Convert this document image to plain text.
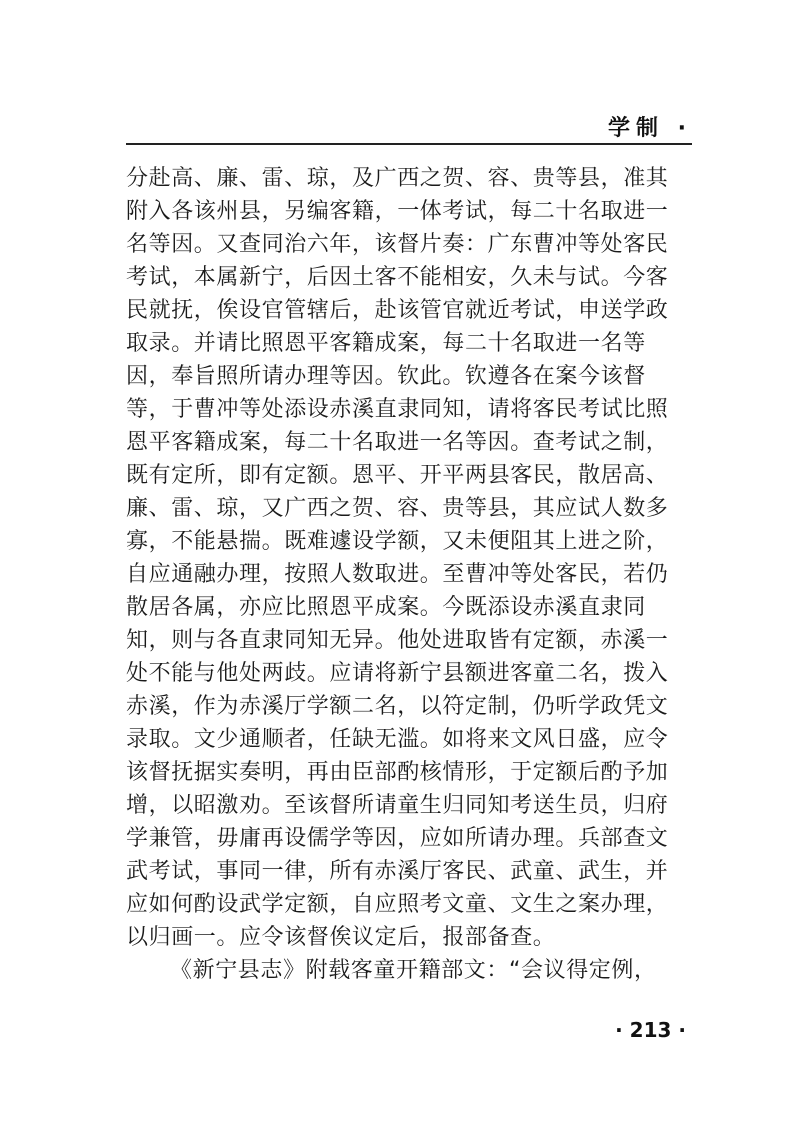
学制 ·
分赴高、廉、雷、琼，及广西之贺、容、贵等县，准其
附入各该州县，另编客籍，一体考试，每二十名取进一
名等因。又查同治六年，该督片奏：广东曹冲等处客民
考试，本属新宁，后因土客不能相安，久未与试。今客
民就抚，俟设官管辖后，赴该管官就近考试，申送学政
取录。并请比照恩平客籍成案，每二十名取进一名等
因，奉旨照所请办理等因。钦此。钦遵各在案今该督
等，于曹冲等处添设赤溪直隶同知，请将客民考试比照
恩平客籍成案，每二十名取进一名等因。查考试之制，
既有定所，即有定额。恩平、开平两县客民，散居高、
廉、雷、琼，又广西之贺、容、贵等县，其应试人数多
寡，不能悬揣。既难遽设学额，又未便阻其上进之阶，
自应通融办理，按照人数取进。至曹冲等处客民，若仍
散居各属，亦应比照恩平成案。今既添设赤溪直隶同
知，则与各直隶同知无异。他处进取皆有定额，赤溪一
处不能与他处两歧。应请将新宁县额进客童二名，拨入
赤溪，作为赤溪厅学额二名，以符定制，仍听学政凭文
录取。文少通顺者，任缺无滥。如将来文风日盛，应令
该督抚据实奏明，再由臣部酌核情形，于定额后酌予加
增，以昭激劝。至该督所请童生归同知考送生员，归府
学兼管，毋庸再设儒学等因，应如所请办理。兵部查文
武考试，事同一律，所有赤溪厅客民、武童、武生，并
应如何酌设武学定额，自应照考文童、文生之案办理，
以归画一。应令该督俟议定后，报部备查。
《新宁县志》附载客童开籍部文：“会议得定例，
· 213 ·
